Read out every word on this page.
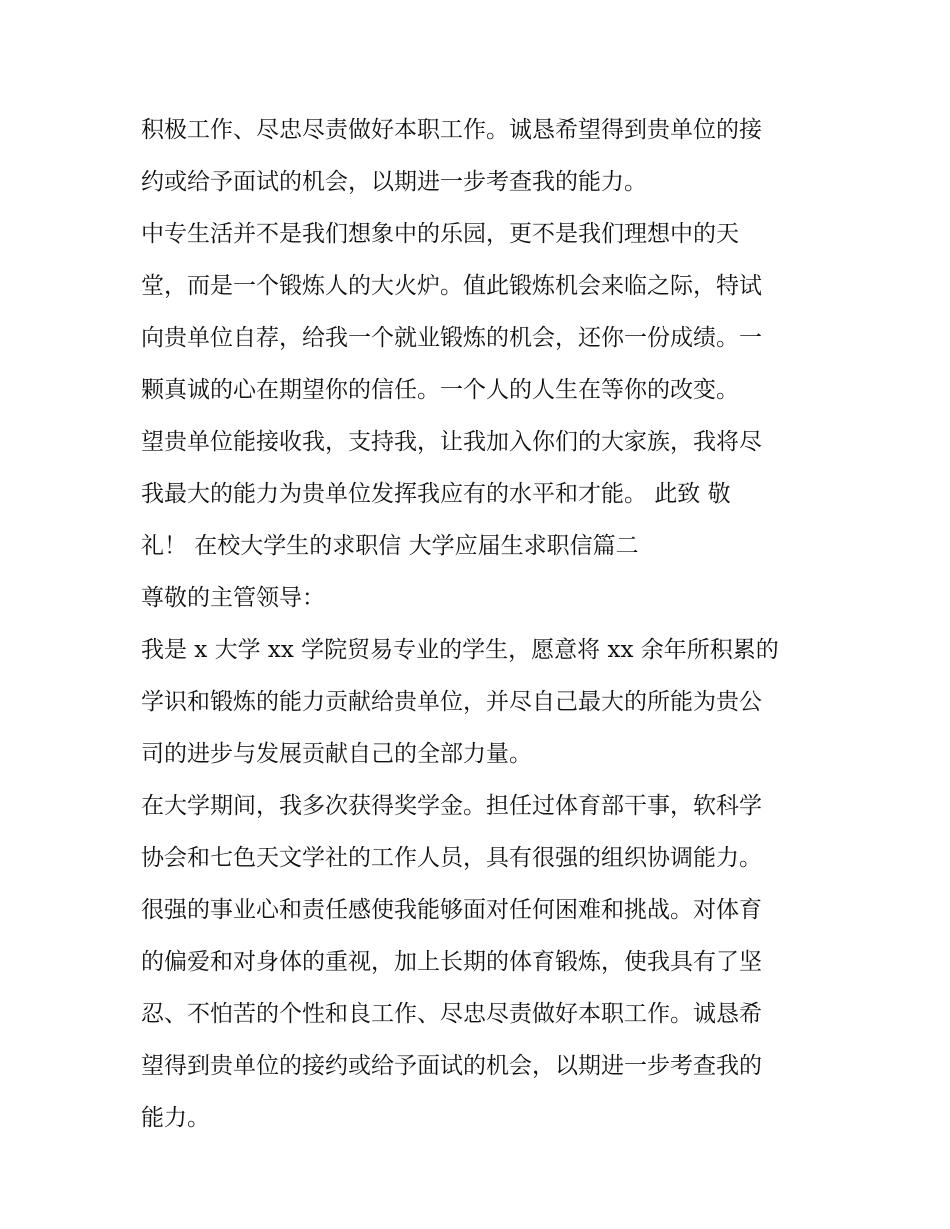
积极工作、尽忠尽责做好本职工作。诚恳希望得到贵单位的接
约或给予面试的机会，以期进一步考查我的能力。
中专生活并不是我们想象中的乐园，更不是我们理想中的天
堂，而是一个锻炼人的大火炉。值此锻炼机会来临之际，特试
向贵单位自荐，给我一个就业锻炼的机会，还你一份成绩。一
颗真诚的心在期望你的信任。一个人的人生在等你的改变。
望贵单位能接收我，支持我，让我加入你们的大家族，我将尽
我最大的能力为贵单位发挥我应有的水平和才能。 此致 敬
礼！ 在校大学生的求职信 大学应届生求职信篇二
尊敬的主管领导：
我是 x 大学 xx 学院贸易专业的学生，愿意将 xx 余年所积累的
学识和锻炼的能力贡献给贵单位，并尽自己最大的所能为贵公
司的进步与发展贡献自己的全部力量。
在大学期间，我多次获得奖学金。担任过体育部干事，软科学
协会和七色天文学社的工作人员，具有很强的组织协调能力。
很强的事业心和责任感使我能够面对任何困难和挑战。对体育
的偏爱和对身体的重视，加上长期的体育锻炼，使我具有了坚
忍、不怕苦的个性和良工作、尽忠尽责做好本职工作。诚恳希
望得到贵单位的接约或给予面试的机会，以期进一步考查我的
能力。
